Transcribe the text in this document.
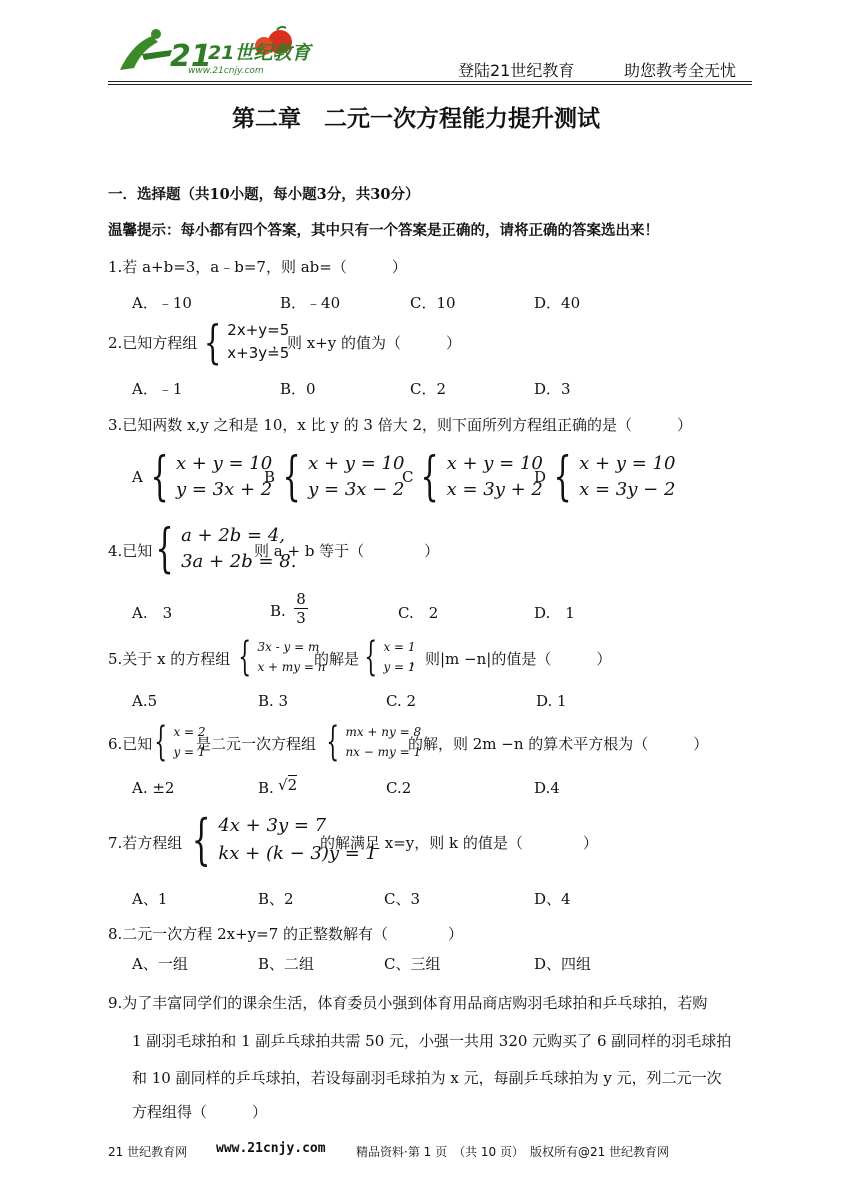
21
21世纪教育
www.21cnjy.com	登陆21世纪教育	助您教考全无忧
第二章　二元一次方程能力提升测试
一．选择题（共10小题，每小题3分，共30分）
温馨提示：每小都有四个答案，其中只有一个答案是正确的，请将正确的答案选出来！
1.若 a+b=3，a﹣b=7，则 ab=（　　　）
A．﹣10	B．﹣40	C．10	D．40
2.已知方程组 { 2x+y=5
x+3y=5
，则 x+y 的值为（　　　）
A．﹣1	B．0	C．2	D．3
3.已知两数 x,y 之和是 10，x 比 y 的 3 倍大 2，则下面所列方程组正确的是（　　　）
A { x + y = 10
y = 3x + 2
B { x + y = 10
y = 3x − 2
C { x + y = 10
x = 3y + 2
D { x + y = 10
x = 3y − 2
4.已知 { a + 2b = 4,
3a + 2b = 8.
则 a + b 等于（　　　　）
A.　3	B. $\frac{8}{3}$	C.　2	D.　1
5.关于 x 的方程组 { 3x - y = m
x + my = n
的解是 { x = 1
y = 1
，则|m −n|的值是（　　　）
A.5	B. 3	C. 2	D. 1
6.已知 { x = 2
y = 1
是二元一次方程组 { mx + ny = 8
nx − my = 1
的解，则 2m −n 的算术平方根为（　　　）
A. ±2	B. √2	C.2	D.4
7.若方程组 { 4x + 3y = 7
kx + (k − 3)y = 1
的解满足 x=y，则 k 的值是（　　　　）
A、1	B、2	C、3	D、4
8.二元一次方程 2x+y=7 的正整数解有（　　　　）
A、一组	B、二组	C、三组	D、四组
9.为了丰富同学们的课余生活，体育委员小强到体育用品商店购羽毛球拍和乒乓球拍，若购
1 副羽毛球拍和 1 副乒乓球拍共需 50 元，小强一共用 320 元购买了 6 副同样的羽毛球拍
和 10 副同样的乒乓球拍，若设每副羽毛球拍为 x 元，每副乒乓球拍为 y 元，列二元一次
方程组得（　　　）
21 世纪教育网 www.21cnjy.com	精品资料·第 1 页　（共 10 页）　版权所有@21 世纪教育网
